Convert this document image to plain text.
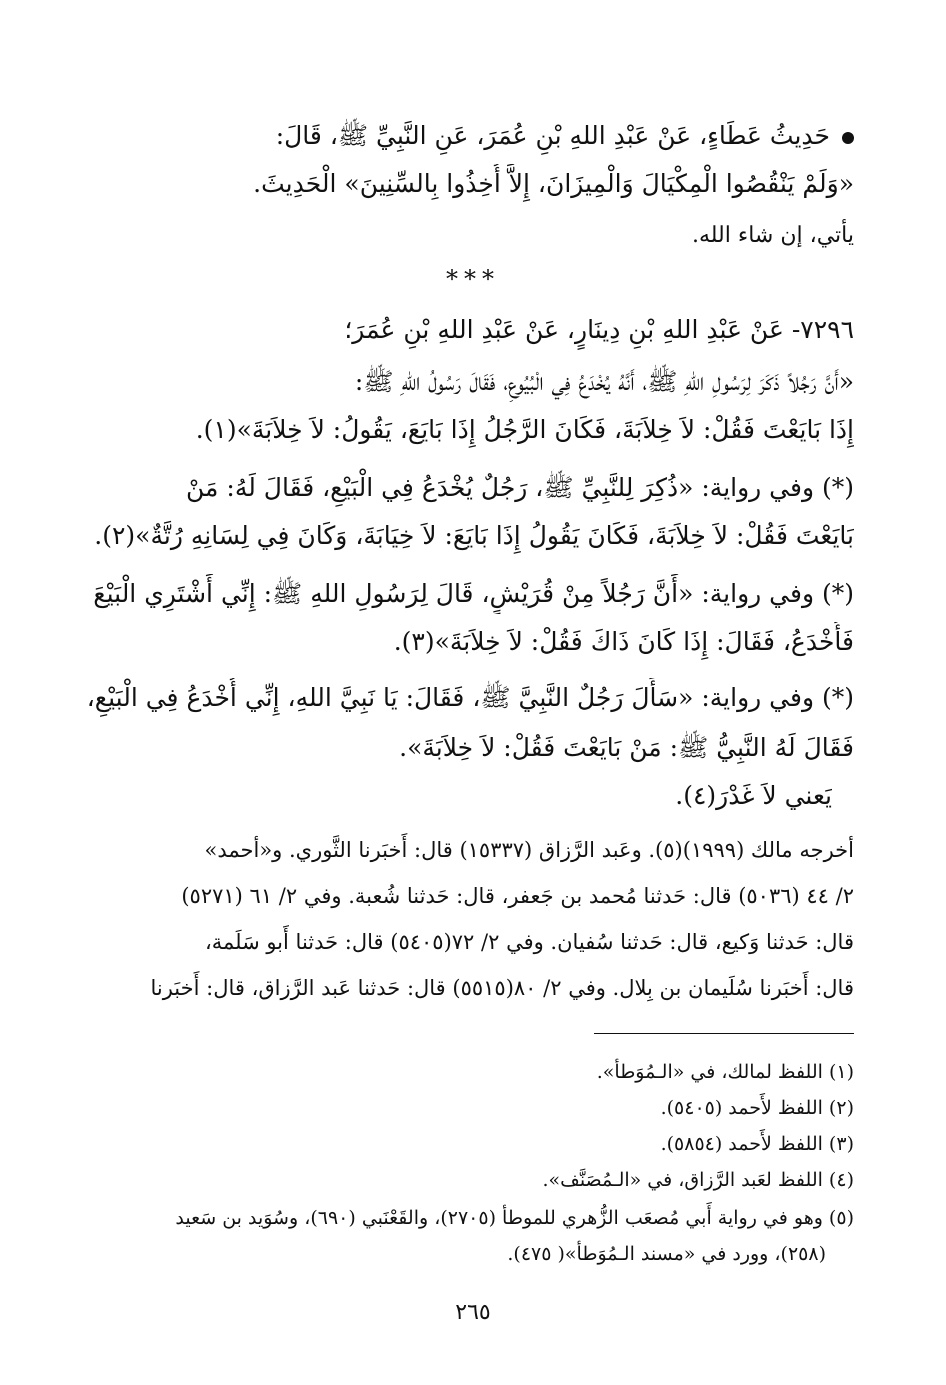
حَدِيثُ عَطَاءٍ، عَنْ عَبْدِ اللهِ بْنِ عُمَرَ، عَنِ النَّبِيِّ ﷺ، قَالَ:
«وَلَمْ يَنْقُصُوا الْمِكْيَالَ وَالْمِيزَانَ، إِلاَّ أُخِذُوا بِالسِّنِينَ» الْحَدِيثَ.
يأتي، إن شاء الله.
***
٧٢٩٦- عَنْ عَبْدِ اللهِ بْنِ دِينَارٍ، عَنْ عَبْدِ اللهِ بْنِ عُمَرَ؛
«أَنَّ رَجُلاً ذَكَرَ لِرَسُولِ اللهِ ﷺ، أَنَّهُ يُخْدَعُ فِي الْبُيُوعِ، فَقَالَ رَسُولُ اللهِ ﷺ:
إِذَا بَايَعْتَ فَقُلْ: لاَ خِلاَبَةَ، فَكَانَ الرَّجُلُ إِذَا بَايَعَ، يَقُولُ: لاَ خِلاَبَةَ»(١).
(*) وفي رواية: «ذُكِرَ لِلنَّبِيِّ ﷺ، رَجُلٌ يُخْدَعُ فِي الْبَيْعِ، فَقَالَ لَهُ: مَنْ
بَايَعْتَ فَقُلْ: لاَ خِلاَبَةَ، فَكَانَ يَقُولُ إِذَا بَايَعَ: لاَ خِيَابَةَ، وَكَانَ فِي لِسَانِهِ رُتَّةٌ»(٢).
(*) وفي رواية: «أَنَّ رَجُلاً مِنْ قُرَيْشٍ، قَالَ لِرَسُولِ اللهِ ﷺ: إِنِّي أَشْتَرِي الْبَيْعَ
فَأُخْدَعُ، فَقَالَ: إِذَا كَانَ ذَاكَ فَقُلْ: لاَ خِلاَبَةَ»(٣).
(*) وفي رواية: «سَأَلَ رَجُلٌ النَّبِيَّ ﷺ، فَقَالَ: يَا نَبِيَّ اللهِ، إِنِّي أُخْدَعُ فِي الْبَيْعِ،
فَقَالَ لَهُ النَّبِيُّ ﷺ: مَنْ بَايَعْتَ فَقُلْ: لاَ خِلاَبَةَ».
يَعني لاَ غَدْرَ(٤).
أخرجه مالك (١٩٩٩)(٥). وعَبد الرَّزاق (١٥٣٣٧) قال: أَخبَرنا الثَّوري. و«أحمد»
٢/ ٤٤ (٥٠٣٦) قال: حَدثنا مُحمد بن جَعفر، قال: حَدثنا شُعبة. وفي ٢/ ٦١ (٥٢٧١)
قال: حَدثنا وَكيع، قال: حَدثنا سُفيان. وفي ٢/ ٧٢(٥٤٠٥) قال: حَدثنا أَبو سَلَمة،
قال: أَخبَرنا سُلَيمان بن بِلال. وفي ٢/ ٨٠(٥٥١٥) قال: حَدثنا عَبد الرَّزاق، قال: أَخبَرنا
(١) اللفظ لمالك، في «الـمُوَطأ».
(٢) اللفظ لأَحمد (٥٤٠٥).
(٣) اللفظ لأَحمد (٥٨٥٤).
(٤) اللفظ لعَبد الرَّزاق، في «الـمُصَنَّف».
(٥) وهو في رواية أَبي مُصعَب الزُّهري للموطأ (٢٧٠٥)، والقَعْنَبي (٦٩٠)، وسُوَيد بن سَعيد
(٢٥٨)، وورد في «مسند الـمُوَطأ»( ٤٧٥).
٢٦٥
